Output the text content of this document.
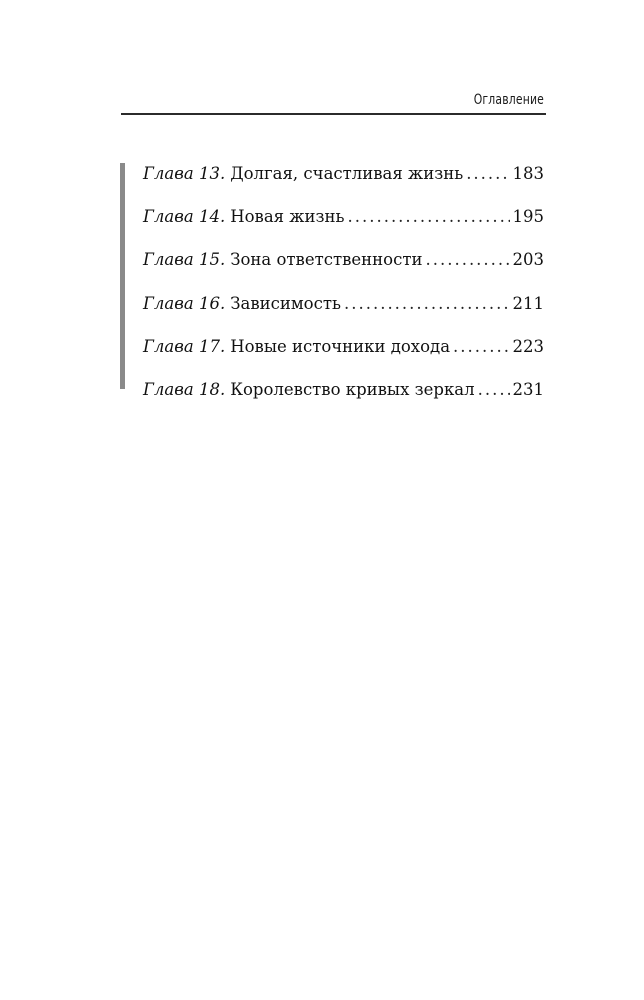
Оглавление
Глава 13. Долгая, счастливая жизнь .....	183
Глава 14. Новая жизнь .....	195
Глава 15. Зона ответственности .....	203
Глава 16. Зависимость .....	211
Глава 17. Новые источники дохода .....	223
Глава 18. Королевство кривых зеркал ..... 231
